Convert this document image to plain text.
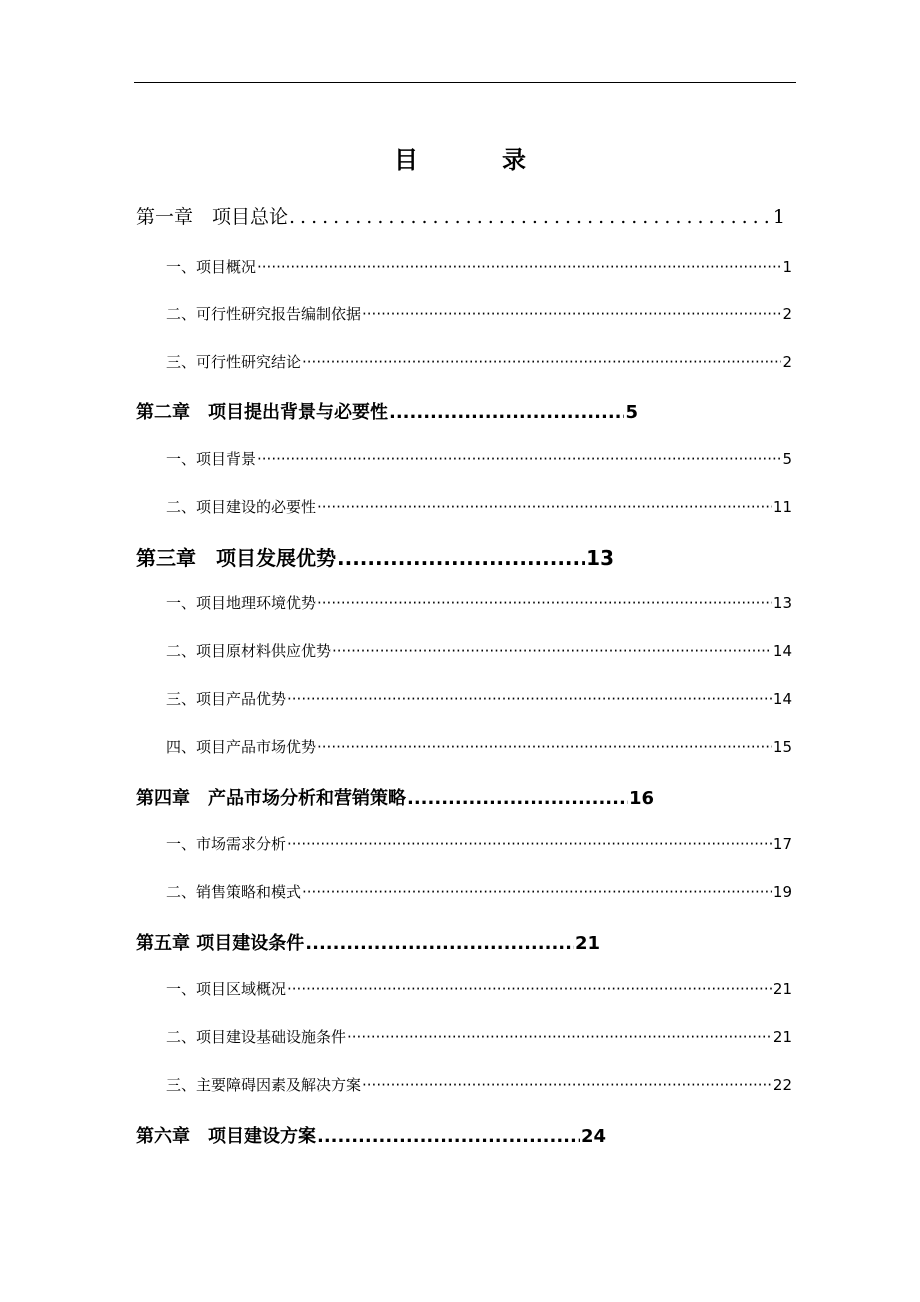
目　录
第一章　项目总论 .....	1
一、项目概况 ·····	1
二、可行性研究报告编制依据 ·····	2
三、可行性研究结论 ·····	2
第二章　项目提出背景与必要性 .....	5
一、项目背景 ·····	5
二、项目建设的必要性 ·····	11
第三章　项目发展优势 .....	13
一、项目地理环境优势 ·····	13
二、项目原材料供应优势 ·····	14
三、项目产品优势 ·····	14
四、项目产品市场优势 ·····	15
第四章　产品市场分析和营销策略 .....	16
一、市场需求分析 ·····	17
二、销售策略和模式 ·····	19
第五章 项目建设条件 .....	21
一、项目区域概况 ·····	21
二、项目建设基础设施条件 ·····	21
三、主要障碍因素及解决方案 ·····	22
第六章　项目建设方案 .....	24
